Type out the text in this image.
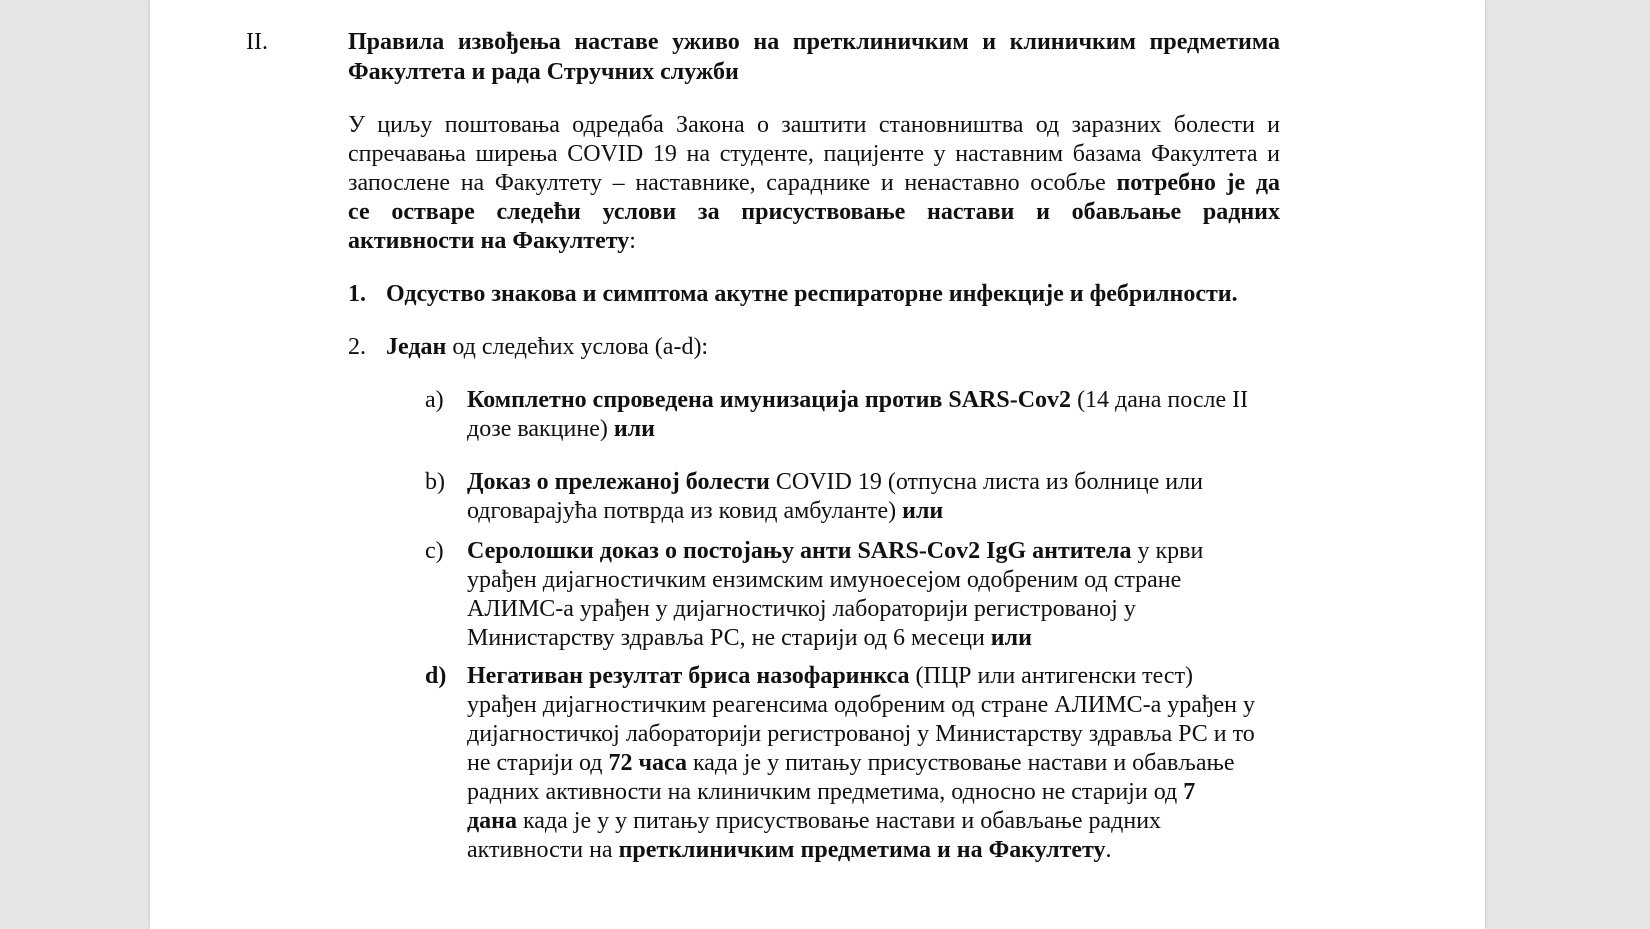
II.	Правила извођења наставе уживо на претклиничким и клиничким предметима
Факултета и рада Стручних служби
У циљу поштовања одредаба Закона о заштити становништва од заразних болести и
спречавања ширења COVID 19 на студенте, пацијенте у наставним базама Факултета и
запослене на Факултету – наставнике, сараднике и ненаставно особље потребно је да
се остваре следећи услови за присуствовање настави и обављање радних
активности на Факултету:
1. Одсуство знакова и симптома акутне респираторне инфекције и фебрилности.
2. Један од следећих услова (a-d):
a) Комплетно спроведена имунизација против SARS-Cov2 (14 дана после II
дозе вакцине) или
b) Доказ о прележаној болести COVID 19 (отпусна листа из болнице или
одговарајућа потврда из ковид амбуланте) или
c) Серолошки доказ о постојању анти SARS-Cov2 IgG антитела у крви
урађен дијагностичким ензимским имуноесејом одобреним од стране
АЛИМС-а урађен у дијагностичкој лабораторији регистрованој у
Министарству здравља РС, не старији од 6 месеци или
d) Негативан резултат бриса назофаринкса (ПЦР или антигенски тест)
урађен дијагностичким реагенсима одобреним од стране АЛИМС-а урађен у
дијагностичкој лабораторији регистрованој у Министарству здравља РС и то
не старији од 72 часа када је у питању присуствовање настави и обављање
радних активности на клиничким предметима, односно не старији од 7
дана када је у у питању присуствовање настави и обављање радних
активности на претклиничким предметима и на Факултету.
